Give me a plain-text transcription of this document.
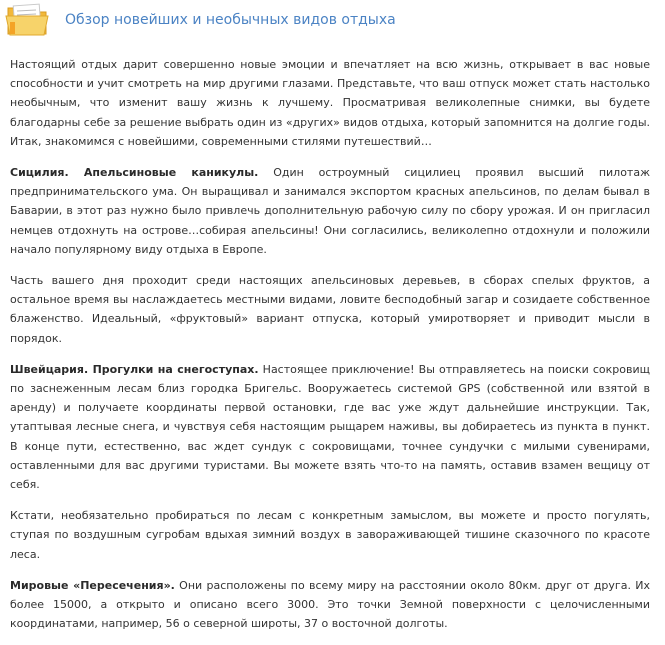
Обзор новейших и необычных видов отдыха

Настоящий отдых дарит совершенно новые эмоции и впечатляет на всю жизнь, открывает в вас новые способности и учит смотреть на мир другими глазами. Представьте, что ваш отпуск может стать настолько необычным, что изменит вашу жизнь к лучшему. Просматривая великолепные снимки, вы будете благодарны себе за решение выбрать один из «других» видов отдыха, который запомнится на долгие годы. Итак, знакомимся с новейшими, современными стилями путешествий…

Сицилия. Апельсиновые каникулы. Один остроумный сицилиец проявил высший пилотаж предпринимательского ума. Он выращивал и занимался экспортом красных апельсинов, по делам бывал в Баварии, в этот раз нужно было привлечь дополнительную рабочую силу по сбору урожая. И он пригласил немцев отдохнуть на острове…собирая апельсины! Они согласились, великолепно отдохнули и положили начало популярному виду отдыха в Европе.

Часть вашего дня проходит среди настоящих апельсиновых деревьев, в сборах спелых фруктов, а остальное время вы наслаждаетесь местными видами, ловите бесподобный загар и созидаете собственное блаженство. Идеальный, «фруктовый» вариант отпуска, который умиротворяет и приводит мысли в порядок.

Швейцария. Прогулки на снегоступах. Настоящее приключение! Вы отправляетесь на поиски сокровищ по заснеженным лесам близ городка Бригельс. Вооружаетесь системой GPS (собственной или взятой в аренду) и получаете координаты первой остановки, где вас уже ждут дальнейшие инструкции. Так, утаптывая лесные снега, и чувствуя себя настоящим рыщарем наживы, вы добираетесь из пункта в пункт. В конце пути, естественно, вас ждет сундук с сокровищами, точнее сундучки с милыми сувенирами, оставленными для вас другими туристами. Вы можете взять что-то на память, оставив взамен вещицу от себя.

Кстати, необязательно пробираться по лесам с конкретным замыслом, вы можете и просто погулять, ступая по воздушным сугробам вдыхая зимний воздух в завораживающей тишине сказочного по красоте леса.

Мировые «Пересечения». Они расположены по всему миру на расстоянии около 80км. друг от друга. Их более 15000, а открыто и описано всего 3000. Это точки Земной поверхности с целочисленными координатами, например, 56 о северной широты, 37 о восточной долготы.
